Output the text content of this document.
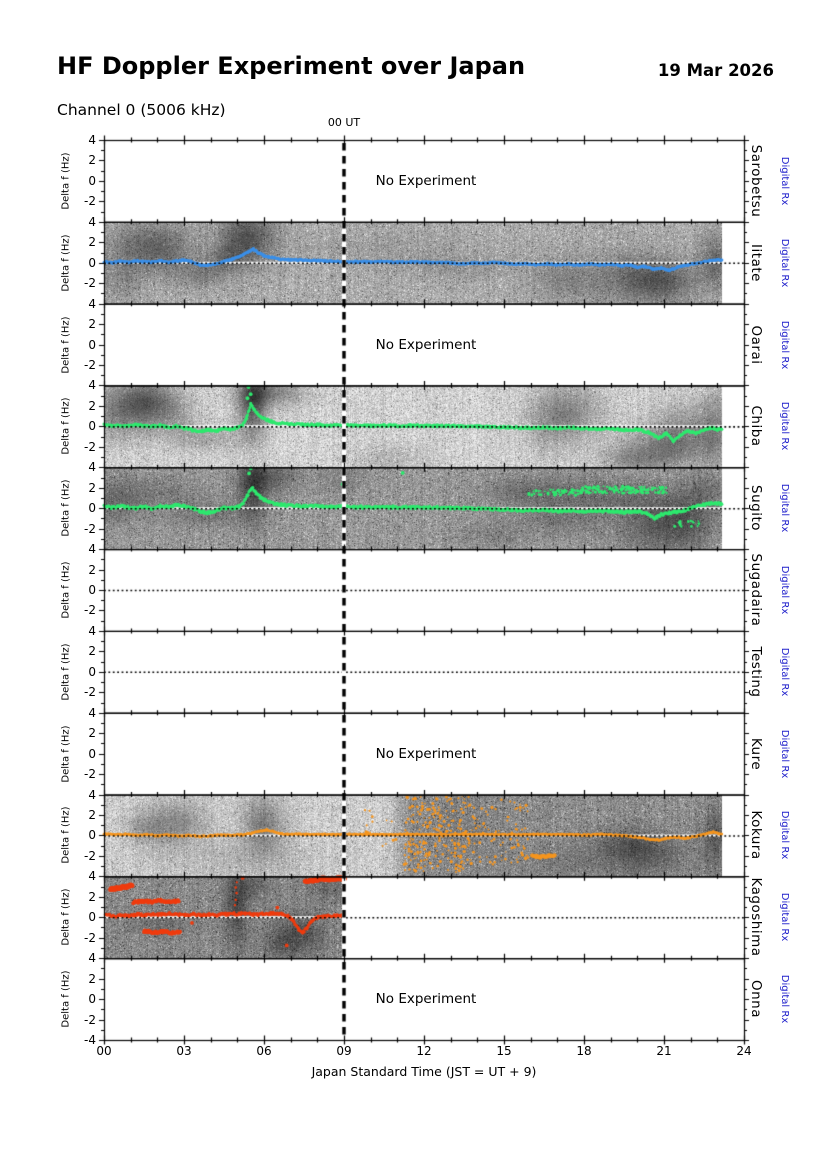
HF Doppler Experiment over Japan	19 Mar 2026
Channel 0 (5006 kHz)
00 UT
Delta f (Hz)
4
2
0
-2	Sarobetsu Digital Rx
No Experiment
Delta f (Hz)
4
2
0
-2
Iitate Digital Rx
Delta f (Hz)
4
2
0
-2
Oarai Digital Rx
No Experiment
Delta f (Hz)
4
2
0
-2	Chiba Digital Rx
Delta f (Hz)
4
2
0
-2	Sugito Digital Rx
Delta f (Hz)
4
2
0
-2	Sugadaira Digital Rx
Delta f (Hz)
4
2
0
-2	Testing Digital Rx
Delta f (Hz)
4
2
0
-2
Kure Digital Rx
No Experiment
Delta f (Hz)
4
2
0
-2	Kokura Digital Rx
Delta f (Hz)
4
2
0
-2	Kagoshima Digital Rx
Delta f (Hz)
4
2
0
-2
Onna Digital Rx
No Experiment
-4
00	03	06	09	12	15	18	21	24
Japan Standard Time (JST = UT + 9)
